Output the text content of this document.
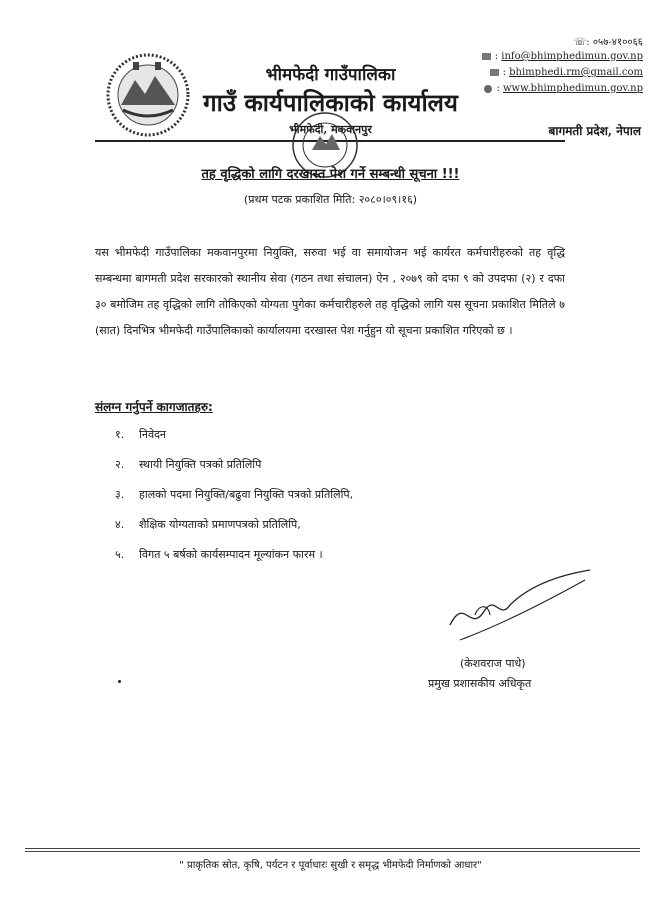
☏: ०५७-४१००६६
: info@bhimphedimun.gov.np
: bhimphedi.rm@gmail.com
: www.bhimphedimun.gov.np
भीमफेदी गाउँपालिका
गाउँ कार्यपालिकाको कार्यालय
भीमफेदी, मकवानपुर	बागमती प्रदेश, नेपाल
तह वृद्धिको लागि दरखास्त पेश गर्ने सम्बन्धी सूचना !!!
(प्रथम पटक प्रकाशित मिति: २०८०।०९।१६)
यस भीमफेदी गाउँपालिका मकवानपुरमा नियुक्ति, सरुवा भई वा समायोजन भई कार्यरत कर्मचारीहरुको तह वृद्धि सम्बन्धमा बागमती प्रदेश सरकारको स्थानीय सेवा (गठन तथा संचालन) ऐन , २०७९ को दफा ९ को उपदफा (२) र दफा ३० बमोजिम तह वृद्धिको लागि तोकिएको योग्यता पुगेका कर्मचारीहरुले तह वृद्धिको लागि यस सूचना प्रकाशित मितिले ७ (सात) दिनभित्र भीमफेदी गाउँपालिकाको कार्यालयमा दरखास्त पेश गर्नुहुन यो सूचना प्रकाशित गरिएको छ ।
संलग्न गर्नुपर्ने कागजातहरु:
१. निवेदन
२. स्थायी नियुक्ति पत्रको प्रतिलिपि
३. हालको पदमा नियुक्ति/बढुवा नियुक्ति पत्रको प्रतिलिपि,
४. शैक्षिक योग्यताको प्रमाणपत्रको प्रतिलिपि,
५. विगत ५ बर्षको कार्यसम्पादन मूल्यांकन फारम ।
(केशवराज पाधे)
प्रमुख प्रशासकीय अधिकृत
" प्राकृतिक स्रोत, कृषि, पर्यटन र पूर्वाधारः सुखी र समृद्ध भीमफेदी निर्माणको आधार"
